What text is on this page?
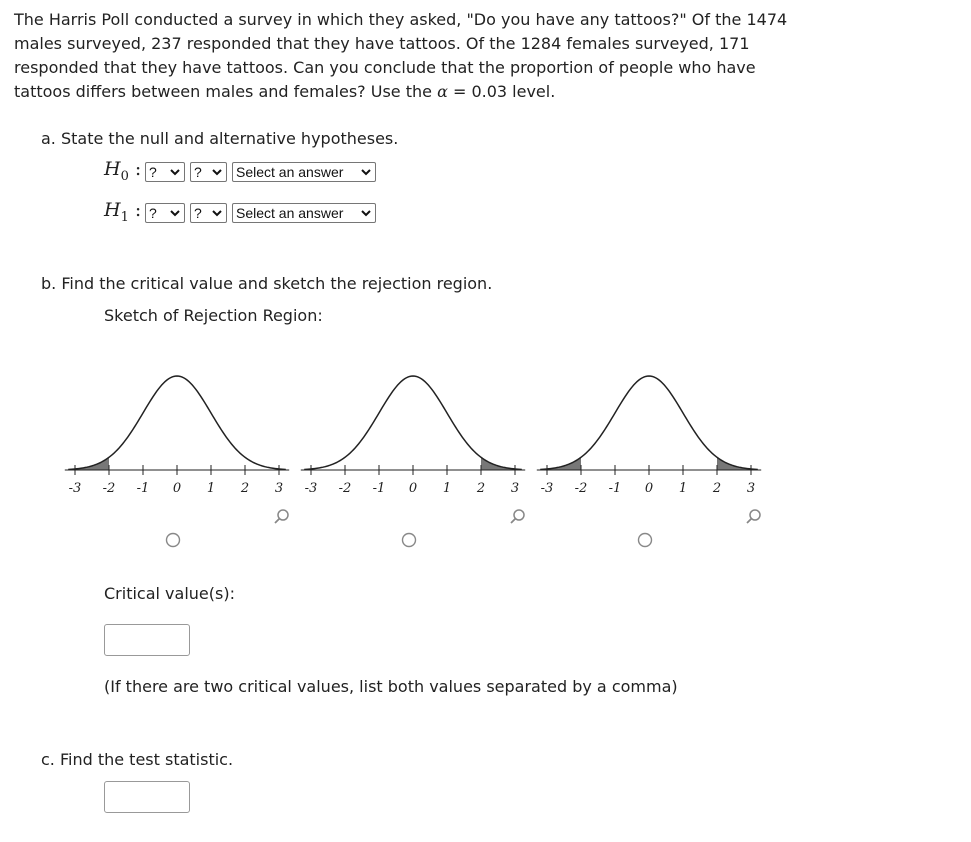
The Harris Poll conducted a survey in which they asked, "Do you have any tattoos?" Of the 1474 males surveyed, 237 responded that they have tattoos. Of the 1284 females surveyed, 171 responded that they have tattoos. Can you conclude that the proportion of people who have tattoos differs between males and females? Use the α = 0.03 level.
a. State the null and alternative hypotheses.
$H_0$ : ?	?	Select an answer
$H_1$ : ?	?	Select an answer
b. Find the critical value and sketch the rejection region.
Sketch of Rejection Region:
-3 -2 -1 0 1 2 3 -3 -2 -1 0 1 2 3 -3 -2 -1 0 1 2 3
Critical value(s):
(If there are two critical values, list both values separated by a comma)
c. Find the test statistic.
